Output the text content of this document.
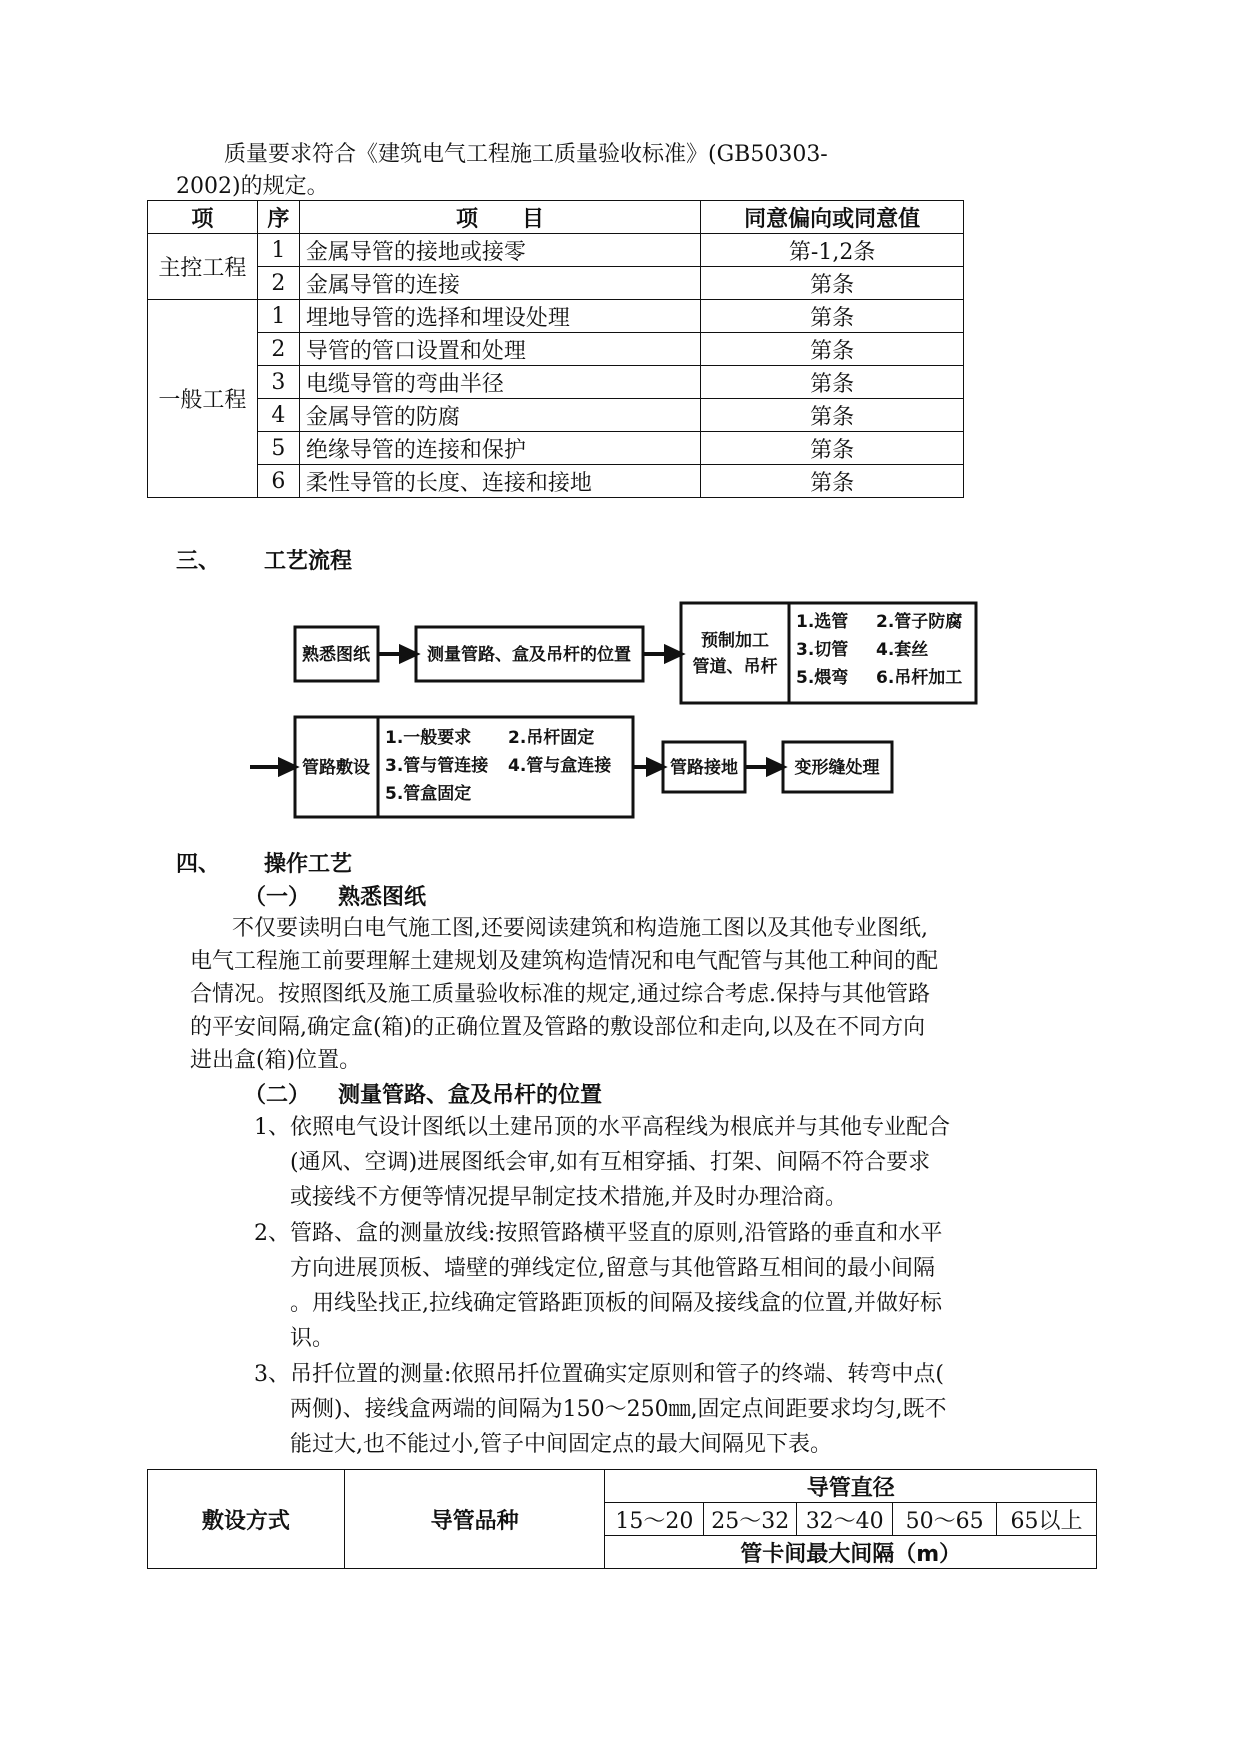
质量要求符合《建筑电气工程施工质量验收标准》(GB50303-
2002)的规定。
项	序	项　　目	同意偏向或同意值
主控工程	1	金属导管的接地或接零	第-1,2条
	2	金属导管的连接	第条
一般工程	1	埋地导管的选择和埋设处理	第条
	2	导管的管口设置和处理	第条
	3	电缆导管的弯曲半径	第条
	4	金属导管的防腐	第条
	5	绝缘导管的连接和保护	第条
	6	柔性导管的长度、连接和接地	第条
三、 工艺流程
熟悉图纸	测量管路、盒及吊杆的位置
预制加工
管道、吊杆
1.选管 2.管子防腐
3.切管 4.套丝
5.煨弯 6.吊杆加工
管路敷设
1.一般要求 2.吊杆固定
3.管与管连接 4.管与盒连接
5.管盒固定
管路接地	变形缝处理
四、 操作工艺
（一） 熟悉图纸
不仅要读明白电气施工图,还要阅读建筑和构造施工图以及其他专业图纸,
电气工程施工前要理解土建规划及建筑构造情况和电气配管与其他工种间的配
合情况。按照图纸及施工质量验收标准的规定,通过综合考虑.保持与其他管路
的平安间隔,确定盒(箱)的正确位置及管路的敷设部位和走向,以及在不同方向
进出盒(箱)位置。
（二） 测量管路、盒及吊杆的位置
1、 依照电气设计图纸以土建吊顶的水平高程线为根底并与其他专业配合
(通风、空调)进展图纸会审,如有互相穿插、打架、间隔不符合要求
或接线不方便等情况提早制定技术措施,并及时办理洽商。
2、 管路、盒的测量放线:按照管路横平竖直的原则,沿管路的垂直和水平
方向进展顶板、墙壁的弹线定位,留意与其他管路互相间的最小间隔
。用线坠找正,拉线确定管路距顶板的间隔及接线盒的位置,并做好标
识。
3、 吊扦位置的测量:依照吊扦位置确实定原则和管子的终端、转弯中点(
两侧)、接线盒两端的间隔为150～250㎜,固定点间距要求均匀,既不
能过大,也不能过小,管子中间固定点的最大间隔见下表。
敷设方式	导管品种	导管直径				
		15～20	25～32	32～40	50～65	65以上
		管卡间最大间隔（m）				
